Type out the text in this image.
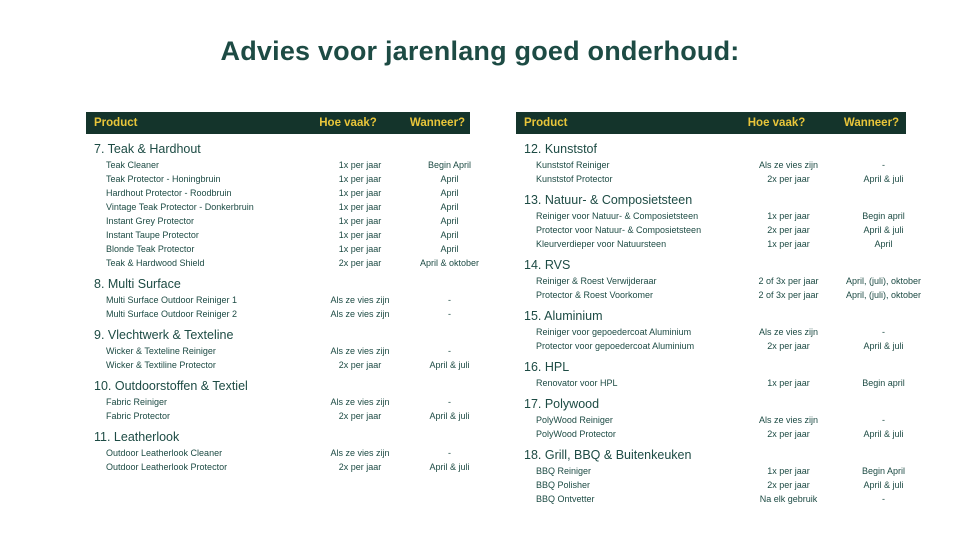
Advies voor jarenlang goed onderhoud:
Product	Hoe vaak?	Wanneer?
7. Teak & Hardhout
Teak Cleaner	1x per jaar	Begin April
Teak Protector - Honingbruin	1x per jaar	April
Hardhout Protector - Roodbruin	1x per jaar	April
Vintage Teak Protector - Donkerbruin	1x per jaar	April
Instant Grey Protector	1x per jaar	April
Instant Taupe Protector	1x per jaar	April
Blonde Teak Protector	1x per jaar	April
Teak & Hardwood Shield	2x per jaar	April & oktober
8. Multi Surface
Multi Surface Outdoor Reiniger 1	Als ze vies zijn	-
Multi Surface Outdoor Reiniger 2	Als ze vies zijn	-
9. Vlechtwerk & Texteline
Wicker & Texteline Reiniger	Als ze vies zijn	-
Wicker & Textiline Protector	2x per jaar	April & juli
10. Outdoorstoffen & Textiel
Fabric Reiniger	Als ze vies zijn	-
Fabric Protector	2x per jaar	April & juli
11. Leatherlook
Outdoor Leatherlook Cleaner	Als ze vies zijn	-
Outdoor Leatherlook Protector	2x per jaar	April & juli
Product	Hoe vaak?	Wanneer?
12. Kunststof
Kunststof Reiniger	Als ze vies zijn	-
Kunststof Protector	2x per jaar	April & juli
13. Natuur- & Composietsteen
Reiniger voor Natuur- & Composietsteen	1x per jaar	Begin april
Protector voor Natuur- & Composietsteen	2x per jaar	April & juli
Kleurverdieper voor Natuursteen	1x per jaar	April
14. RVS
Reiniger & Roest Verwijderaar	2 of 3x per jaar	April, (juli), oktober
Protector & Roest Voorkomer	2 of 3x per jaar	April, (juli), oktober
15. Aluminium
Reiniger voor gepoedercoat Aluminium	Als ze vies zijn	-
Protector voor gepoedercoat Aluminium	2x per jaar	April & juli
16. HPL
Renovator voor HPL	1x per jaar	Begin april
17. Polywood
PolyWood Reiniger	Als ze vies zijn	-
PolyWood Protector	2x per jaar	April & juli
18. Grill, BBQ & Buitenkeuken
BBQ Reiniger	1x per jaar	Begin April
BBQ Polisher	2x per jaar	April & juli
BBQ Ontvetter	Na elk gebruik	-
